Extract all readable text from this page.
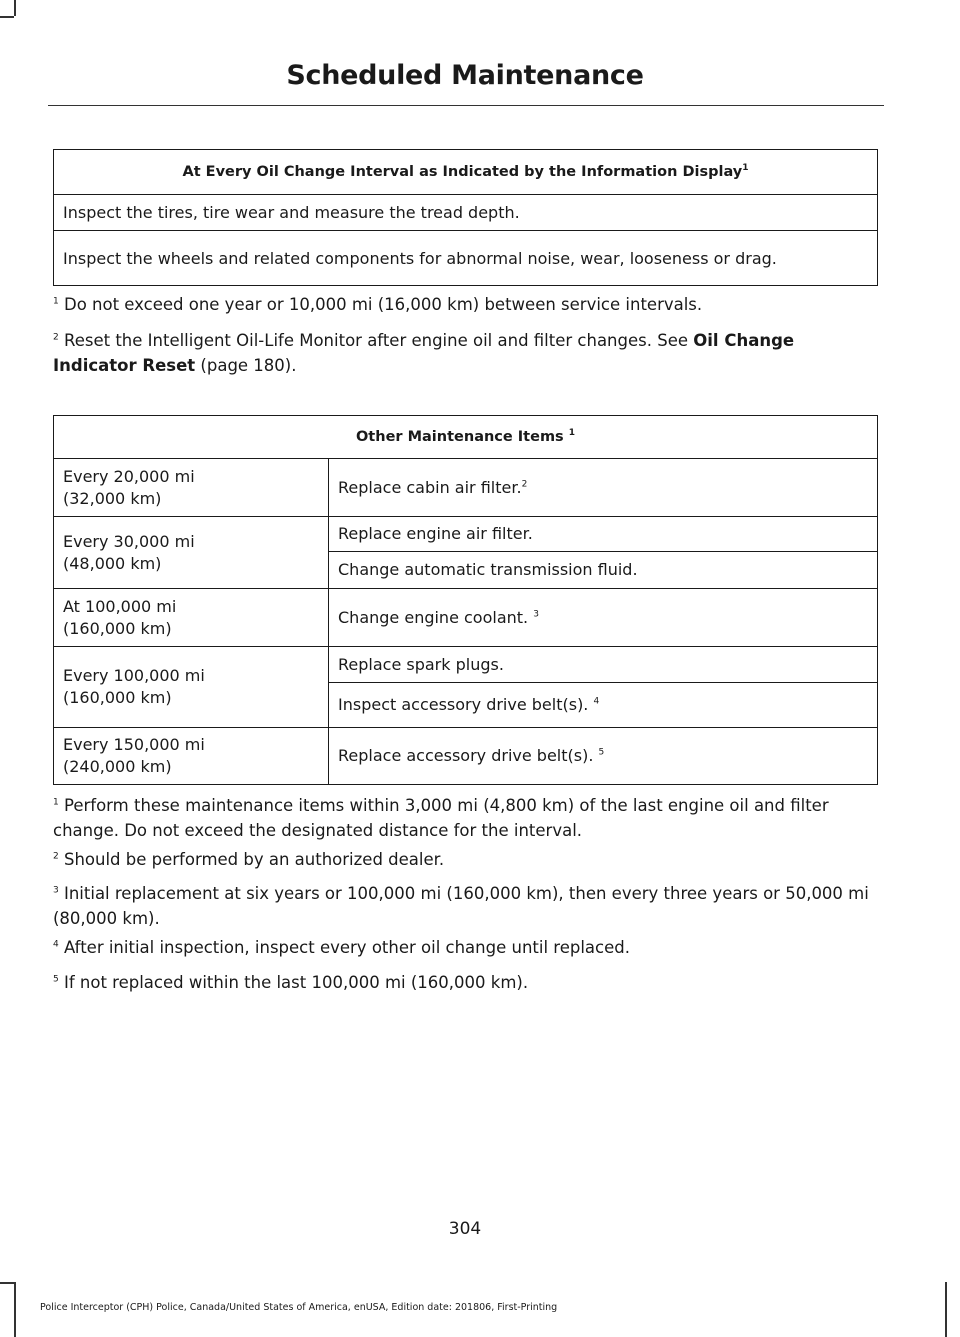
Scheduled Maintenance
At Every Oil Change Interval as Indicated by the Information Display$^1$
Inspect the tires, tire wear and measure the tread depth.
Inspect the wheels and related components for abnormal noise, wear, looseness or drag.
$^1$ Do not exceed one year or 10,000 mi (16,000 km) between service intervals.
$^2$ Reset the Intelligent Oil-Life Monitor after engine oil and filter changes. See Oil Change Indicator Reset (page 180).
Other Maintenance Items $^1$
Every 20,000 mi
(32,000 km)	Replace cabin air filter.$^2$
Every 30,000 mi
(48,000 km)	Replace engine air filter.
	Change automatic transmission fluid.
At 100,000 mi
(160,000 km)	Change engine coolant. $^3$
Every 100,000 mi
(160,000 km)	Replace spark plugs.
	Inspect accessory drive belt(s). $^4$
Every 150,000 mi
(240,000 km)	Replace accessory drive belt(s). $^5$
$^1$ Perform these maintenance items within 3,000 mi (4,800 km) of the last engine oil and filter change. Do not exceed the designated distance for the interval.
$^2$ Should be performed by an authorized dealer.
$^3$ Initial replacement at six years or 100,000 mi (160,000 km), then every three years or 50,000 mi (80,000 km).
$^4$ After initial inspection, inspect every other oil change until replaced.
$^5$ If not replaced within the last 100,000 mi (160,000 km).
304
Police Interceptor (CPH) Police, Canada/United States of America, enUSA, Edition date: 201806, First-Printing
